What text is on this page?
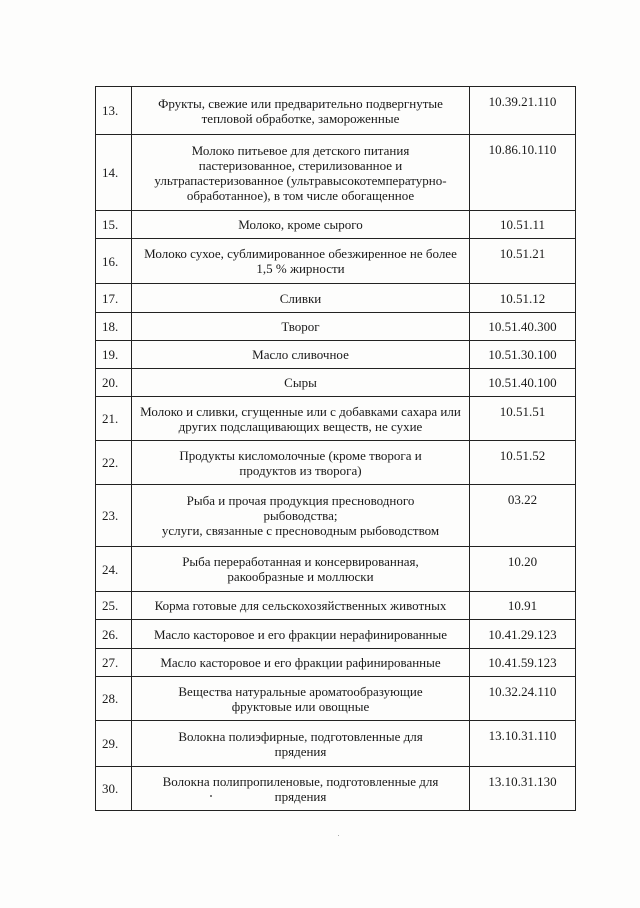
13.	Фрукты, свежие или предварительно подвергнутые тепловой обработке, замороженные	10.39.21.110
14.	Молоко питьевое для детского питания пастеризованное, стерилизованное и ультрапастеризованное (ультравысокотемпературно-обработанное), в том числе обогащенное	10.86.10.110
15.	Молоко, кроме сырого	10.51.11
16.	Молоко сухое, сублимированное обезжиренное не более 1,5 % жирности	10.51.21
17.	Сливки	10.51.12
18.	Творог	10.51.40.300
19.	Масло сливочное	10.51.30.100
20.	Сыры	10.51.40.100
21.	Молоко и сливки, сгущенные или с добавками сахара или других подслащивающих веществ, не сухие	10.51.51
22.	Продукты кисломолочные (кроме творога и продуктов из творога)	10.51.52
23.	Рыба и прочая продукция пресноводного рыбоводства;
услуги, связанные с пресноводным рыбоводством	03.22
24.	Рыба переработанная и консервированная, ракообразные и моллюски	10.20
25.	Корма готовые для сельскохозяйственных животных	10.91
26.	Масло касторовое и его фракции нерафинированные	10.41.29.123
27.	Масло касторовое и его фракции рафинированные	10.41.59.123
28.	Вещества натуральные ароматообразующие фруктовые или овощные	10.32.24.110
29.	Волокна полиэфирные, подготовленные для прядения	13.10.31.110
30.	Волокна полипропиленовые, подготовленные для прядения	13.10.31.130
